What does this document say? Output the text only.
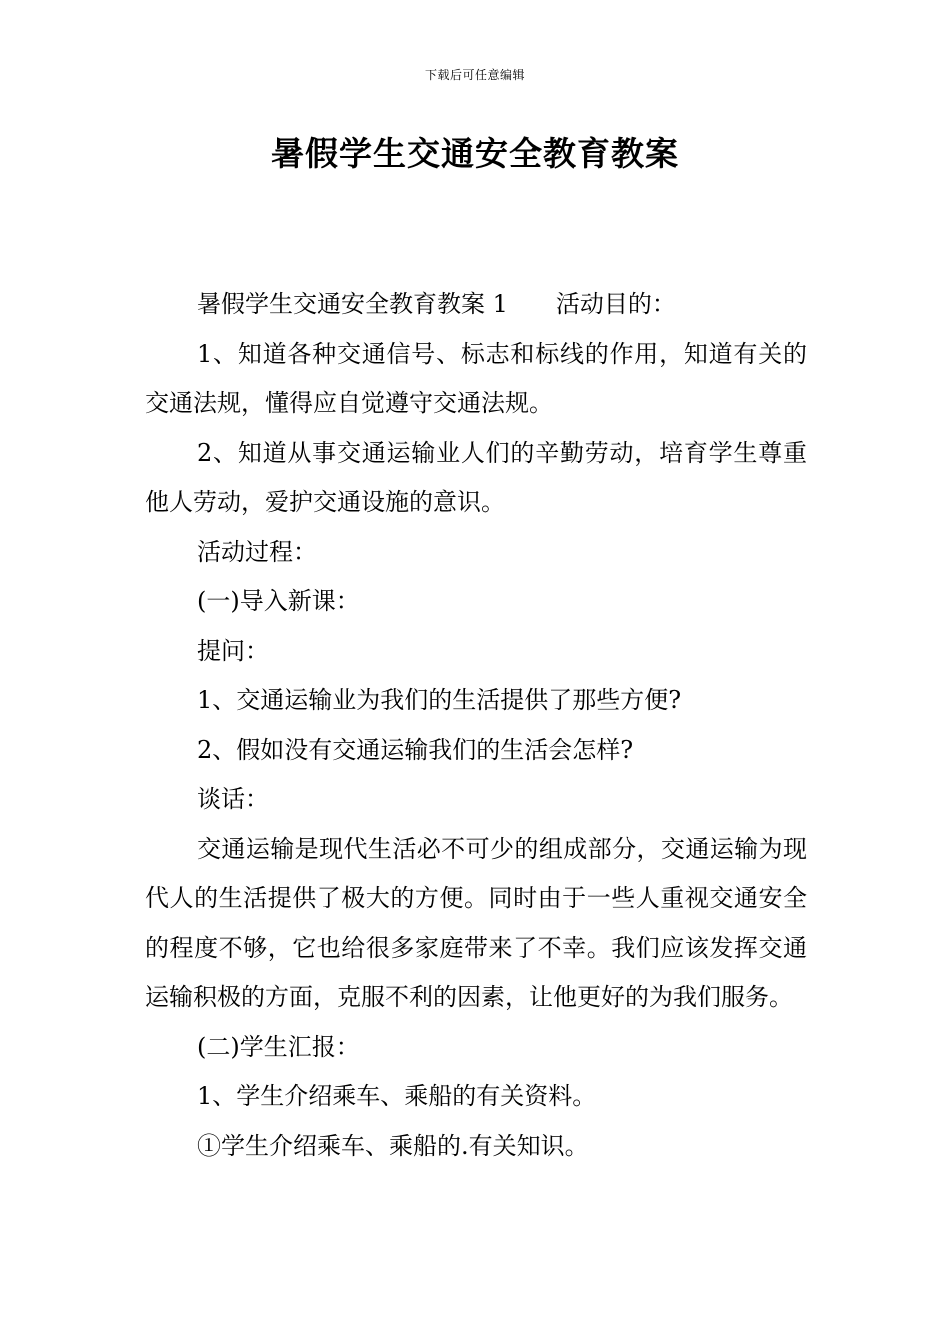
下载后可任意编辑
暑假学生交通安全教育教案

暑假学生交通安全教育教案 1 活动目的：

1、知道各种交通信号、标志和标线的作用，知道有关的交通法规，懂得应自觉遵守交通法规。

2、知道从事交通运输业人们的辛勤劳动，培育学生尊重他人劳动，爱护交通设施的意识。

活动过程：

(一)导入新课：

提问：

1、交通运输业为我们的生活提供了那些方便?

2、假如没有交通运输我们的生活会怎样?

谈话：

交通运输是现代生活必不可少的组成部分，交通运输为现代人的生活提供了极大的方便。同时由于一些人重视交通安全的程度不够，它也给很多家庭带来了不幸。我们应该发挥交通运输积极的方面，克服不利的因素，让他更好的为我们服务。

(二)学生汇报：

1、学生介绍乘车、乘船的有关资料。

①学生介绍乘车、乘船的.有关知识。
